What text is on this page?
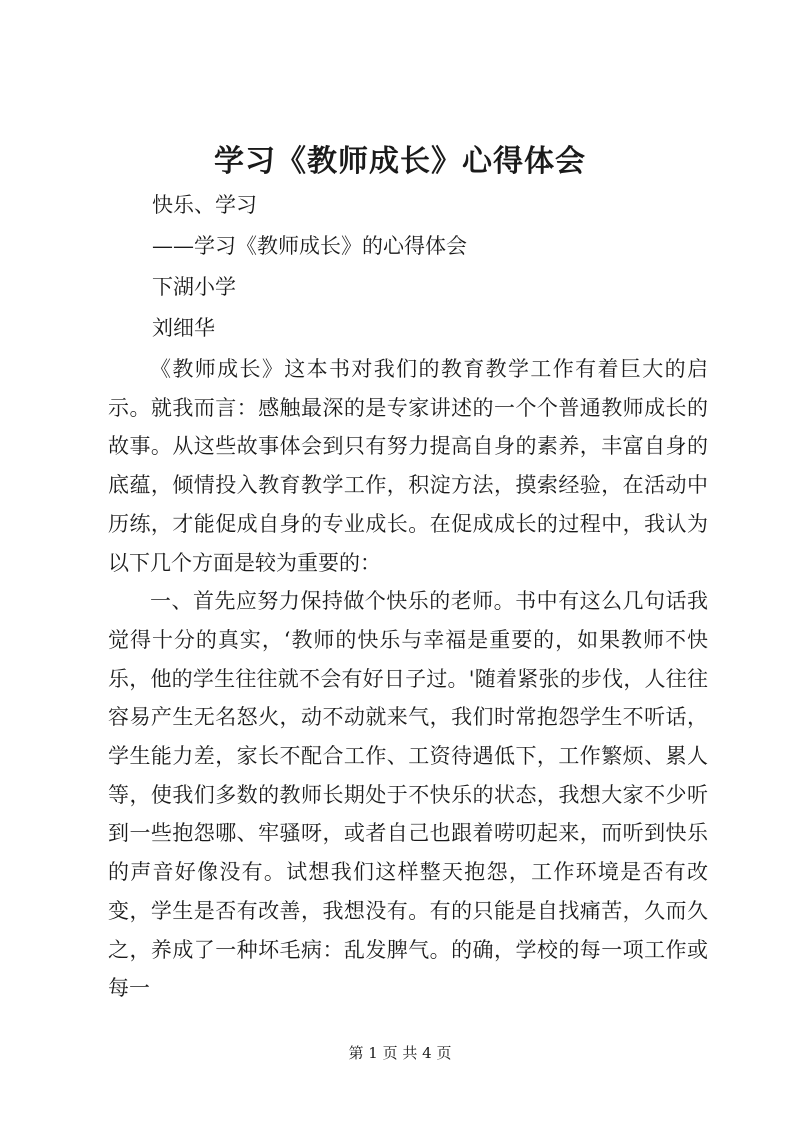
学习《教师成长》心得体会
快乐、学习
——学习《教师成长》的心得体会
下湖小学
刘细华

《教师成长》这本书对我们的教育教学工作有着巨大的启示。就我而言：感触最深的是专家讲述的一个个普通教师成长的故事。从这些故事体会到只有努力提高自身的素养，丰富自身的底蕴，倾情投入教育教学工作，积淀方法，摸索经验，在活动中历练，才能促成自身的专业成长。在促成成长的过程中，我认为以下几个方面是较为重要的：

一、首先应努力保持做个快乐的老师。书中有这么几句话我觉得十分的真实，‘教师的快乐与幸福是重要的，如果教师不快乐，他的学生往往就不会有好日子过。'随着紧张的步伐，人往往容易产生无名怒火，动不动就来气，我们时常抱怨学生不听话，学生能力差，家长不配合工作、工资待遇低下，工作繁烦、累人等，使我们多数的教师长期处于不快乐的状态，我想大家不少听到一些抱怨哪、牢骚呀，或者自己也跟着唠叨起来，而听到快乐的声音好像没有。试想我们这样整天抱怨，工作环境是否有改变，学生是否有改善，我想没有。有的只能是自找痛苦，久而久之，养成了一种坏毛病：乱发脾气。的确，学校的每一项工作或每一

第 1 页 共 4 页
